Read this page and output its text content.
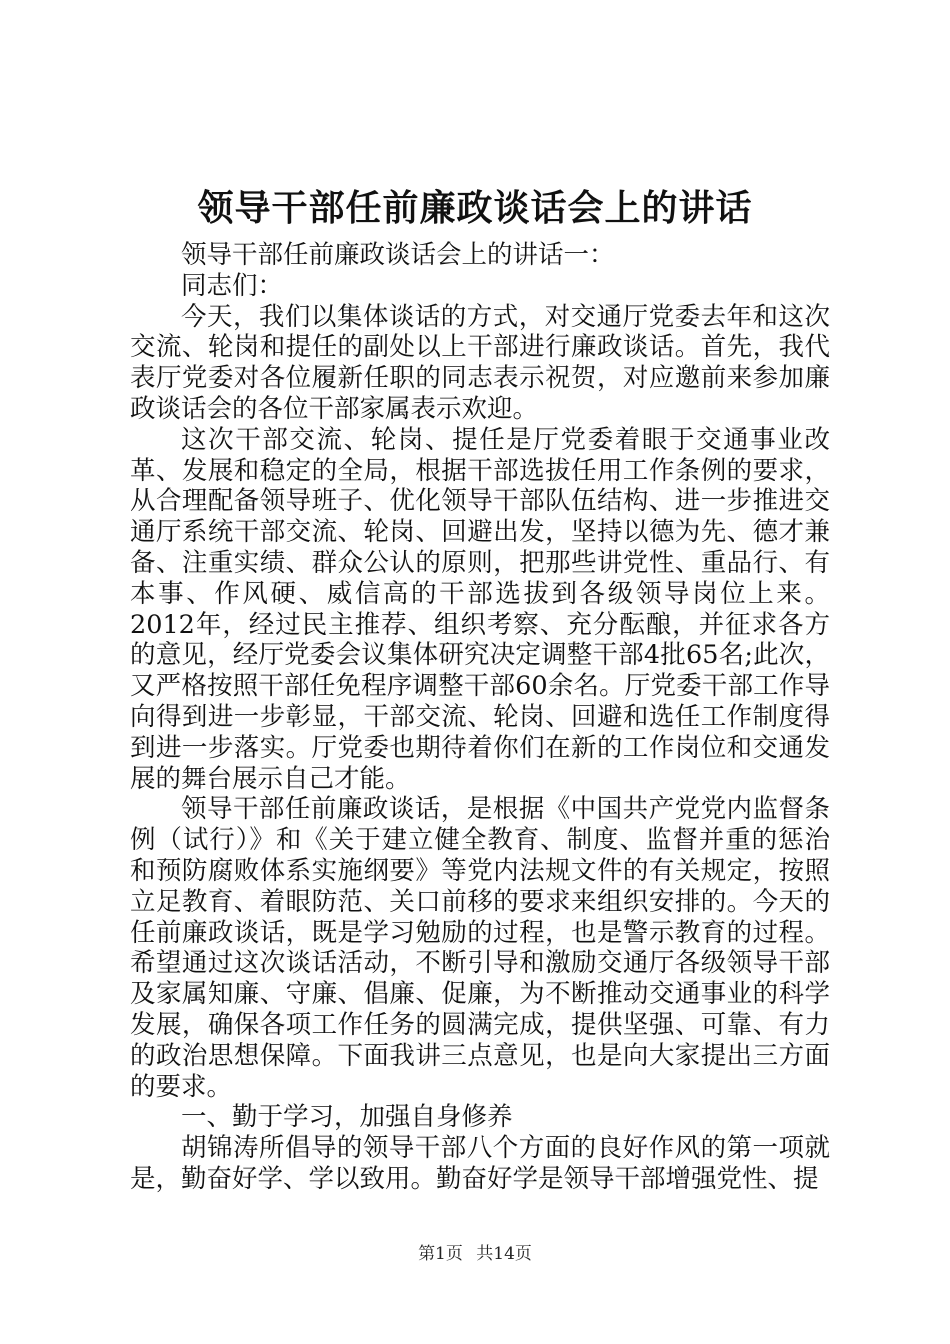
领导干部任前廉政谈话会上的讲话

领导干部任前廉政谈话会上的讲话一：

同志们：

今天，我们以集体谈话的方式，对交通厅党委去年和这次交流、轮岗和提任的副处以上干部进行廉政谈话。首先，我代表厅党委对各位履新任职的同志表示祝贺，对应邀前来参加廉政谈话会的各位干部家属表示欢迎。

这次干部交流、轮岗、提任是厅党委着眼于交通事业改革、发展和稳定的全局，根据干部选拔任用工作条例的要求，从合理配备领导班子、优化领导干部队伍结构、进一步推进交通厅系统干部交流、轮岗、回避出发，坚持以德为先、德才兼备、注重实绩、群众公认的原则，把那些讲党性、重品行、有本事、作风硬、威信高的干部选拔到各级领导岗位上来。2012年，经过民主推荐、组织考察、充分酝酿，并征求各方的意见，经厅党委会议集体研究决定调整干部4批65名;此次，又严格按照干部任免程序调整干部60余名。厅党委干部工作导向得到进一步彰显，干部交流、轮岗、回避和选任工作制度得到进一步落实。厅党委也期待着你们在新的工作岗位和交通发展的舞台展示自己才能。

领导干部任前廉政谈话，是根据《中国共产党党内监督条例（试行）》和《关于建立健全教育、制度、监督并重的惩治和预防腐败体系实施纲要》等党内法规文件的有关规定，按照立足教育、着眼防范、关口前移的要求来组织安排的。今天的任前廉政谈话，既是学习勉励的过程，也是警示教育的过程。希望通过这次谈话活动，不断引导和激励交通厅各级领导干部及家属知廉、守廉、倡廉、促廉，为不断推动交通事业的科学发展，确保各项工作任务的圆满完成，提供坚强、可靠、有力的政治思想保障。下面我讲三点意见，也是向大家提出三方面的要求。

一、勤于学习，加强自身修养

胡锦涛所倡导的领导干部八个方面的良好作风的第一项就是，勤奋好学、学以致用。勤奋好学是领导干部增强党性、提

第1页 共14页
